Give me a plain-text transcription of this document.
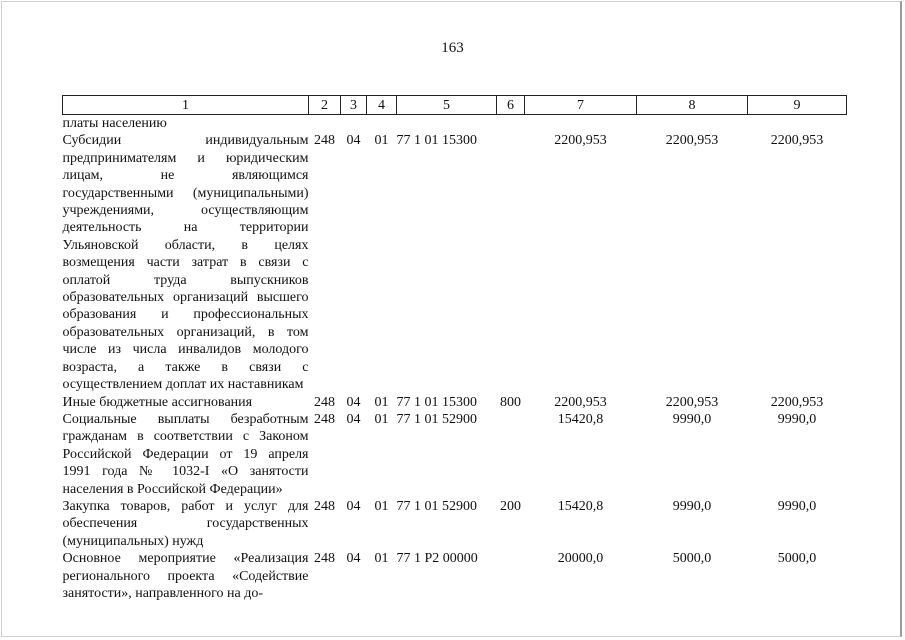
163
1	2	3	4	5	6	7	8	9
платы населению								
Субсидии индивидуальным предпринимателям и юридическим лицам, не являющимся государственными (муниципальными) учреждениями, осуществляющим деятельность на территории Ульяновской области, в целях возмещения части затрат в связи с оплатой труда выпускников образовательных организаций высшего образования и профессиональных образовательных организаций, в том числе из числа инвалидов молодого возраста, а также в связи с осуществлением доплат их наставникам	248	04	01	77 1 01 15300		2200,953	2200,953	2200,953
Иные бюджетные ассигнования	248	04	01	77 1 01 15300	800	2200,953	2200,953	2200,953
Социальные выплаты безработным гражданам в соответствии с Законом Российской Федерации от 19 апреля 1991 года № 1032-I «О занятости населения в Российской Федерации»	248	04	01	77 1 01 52900		15420,8	9990,0	9990,0
Закупка товаров, работ и услуг для обеспечения государственных (муниципальных) нужд	248	04	01	77 1 01 52900	200	15420,8	9990,0	9990,0
Основное мероприятие «Реализация регионального проекта «Содействие занятости», направленного на до-	248	04	01	77 1 P2 00000		20000,0	5000,0	5000,0
